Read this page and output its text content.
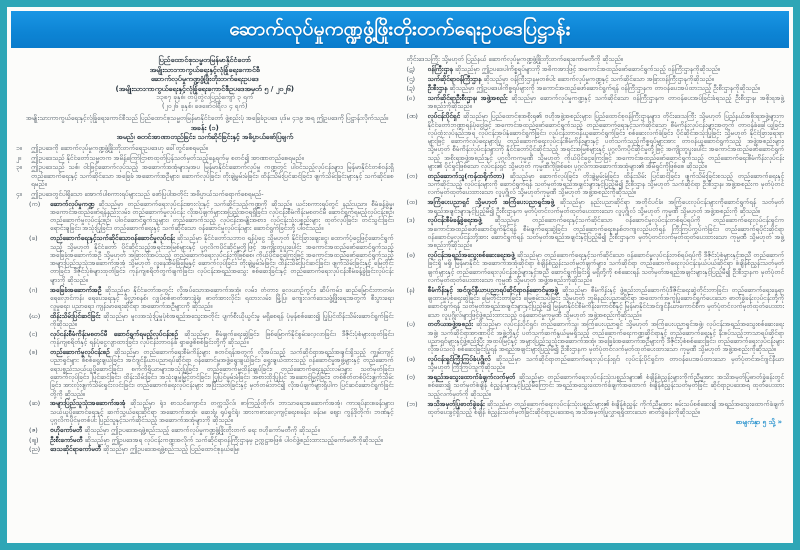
ဆောက်လုပ်မှုကဏ္ဍဖွံ့ဖြိုးတိုးတက်ရေးဥပဒေပြဋ္ဌာန်း
ပြည်ထောင်စုသမ္မတမြန်မာနိုင်ငံတော်
အမျိုးသားကာကွယ်ရေးနှင့်လုံခြုံရေးကောင်စီ
ဆောက်လုပ်မှုကဏ္ဍဖွံ့ဖြိုးတိုးတက်ရေးဥပဒေ
(အမျိုးသားကာကွယ်ရေးနှင့်လုံခြုံရေးကောင်စီဥပဒေအမှတ် ၅ / ၂၀၂၆)
၁၃၈၇ ခုနှစ်၊ တပို့တွဲလပြည့်ကျော် ၃ ရက်
(၂၀၂၆ ခုနှစ်၊ ဖေဖော်ဝါရီလ ၄ ရက်)
အမျိုးသားကာကွယ်ရေးနှင့်လုံခြုံရေးကောင်စီသည် ပြည်ထောင်စုသမ္မတမြန်မာနိုင်ငံတော် ဖွဲ့စည်းပုံ အခြေခံဥပဒေ ပုဒ်မ ၄၁၉ အရ ဤဥပဒေကို ပြဋ္ဌာန်းလိုက်သည်။
အခန်း (၁)
အမည်၊ စတင်အာဏာတည်ခြင်း၊ သက်ဆိုင်ခြင်းနှင့် အဓိပ္ပာယ်ဖော်ပြချက်
၁။	ဤဥပဒေကို ဆောက်လုပ်မှုကဏ္ဍဖွံ့ဖြိုးတိုးတက်ရေးဥပဒေဟု ခေါ်တွင်စေရမည်။
၂။	ဤဥပဒေသည် နိုင်ငံတော်သမ္မတက အမိန့်ကြော်ငြာစာထုတ်ပြန်သတ်မှတ်သည့်နေ့ရက်မှ စတင်၍ အာဏာတည်စေရမည်။
၃။	ဤဥပဒေသည် သစ်၊ ဝါးဖြင့်ဆောက်လုပ်သည့် အဆောက်အအုံများမှအပ မြန်မာနိုင်ငံဆောက်လုပ်မှု ကဏ္ဍတွင် ပါဝင်သည့်လုပ်ငန်းများ၊ မြန်မာနိုင်ငံတစ်ဝန်းရှိ တည်ဆောက်ရေးနှင့် သက်ဆိုင်သော အခြေခံ အဆောက်အဦများ၊ ဆောက်လုပ်ခြင်း၊ တိုးချဲ့မွမ်းမံခြင်း၊ ထိန်းသိမ်းပြင်ဆင်ခြင်း၊ ဖျက်သိမ်းခြင်းများနှင့် သက်ဆိုင်စေရမည်။
၄။	ဤဥပဒေတွင်ပါရှိသော အောက်ပါစကားရပ်များသည် ဖော်ပြပါအတိုင်း အဓိပ္ပာယ်သက်ရောက်စေရမည်-
(က)	ဆောက်လုပ်မှုကဏ္ဍ ဆိုသည်မှာ တည်ဆောက်ရေးလုပ်ငန်းအားလုံးနှင့် သက်ဆိုင်သည့်ကဏ္ဍကို ဆိုသည်။ ယင်းစကားရပ်တွင် နည်းပညာ၊ စီမံခန့်ခွဲမှု၊ အကောင်အထည်ဖော်ရန်နည်းလမ်း၊ တည်ဆောက်မှုလုပ်ငန်း လိုအပ်ချက်များအပြည့်အဝရရှိခြင်း၊ လုပ်ငန်းစီမံကိန်းမစတင်မီ ဆောင်ရွက်ရမည့်လုပ်ငန်းစဉ်၊ တည်ဆောက်မှုလုပ်ငန်းစဉ်၊ ပါဝင်ဆောင်ရွက်သူများ၊ တည်ဆောက်သည့် လုပ်ငန်းအမျိုးအစား၊ လုပ်ငန်းသုံးပစ္စည်းများ ထုတ်လုပ်ခြင်း၊ တင်သွင်းခြင်း၊ ရောင်းချခြင်း၊ အသုံးပြုခြင်း၊ တည်ဆောက်ရေးနှင့် သက်ဆိုင်သော ဝန်ဆောင်မှုလုပ်ငန်းများ ဆောင်ရွက်ခြင်းတို့ ပါဝင်သည်။
(ခ)	တည်ဆောက်ရေးနှင့်သက်ဆိုင်သောဝန်ဆောင်မှုလုပ်ငန်း ဆိုသည်မှာ နိုင်ငံတော်သဘာဝ ရန်ပုံငွေ သို့မဟုတ် နိုင်ငံခြားချေးငွေ၊ ထောက်ပံ့ငွေဖြင့်ဆောင်ရွက်သည့် သို့မဟုတ် နိုင်ငံတော် ပိုင်ဆိုင်သည့်အရင်းအမြစ်များနှင့် ပုဂ္ဂလိကပိုင်ဆိုင်မှုတို့ဖြင့် အကျိုးတူပူးပေါင်း အကောင်အထည်ဖော်ဆောင်ရွက်သည့် အခြေခံအဆောက်အဦ သို့မဟုတ် အခြားလိုအပ်သည့် တည်ဆောက်ရေးလုပ်ငန်းကိုဖြစ်စေ၊ ကိုယ်ပိုင်ငွေကြေးဖြင့် အကောင်အထည်ဖော်ဆောင်ရွက်သည့် အများပြည်သူသုံးအဆောက်အအုံ သို့မဟုတ် လူနေအိမ်ခြံမြေနှင့် ဆောက်လုပ်ခြင်း၊ တိုးချဲ့မွမ်းမံခြင်း၊ ထိန်းသိမ်းပြင်ဆင်ခြင်း၊ ဖျက်သိမ်းခြင်းနှင့် မြေတိုင်းတာခြင်း၊ ဒီဇိုင်းပုံစံများထုတ်ခြင်း၊ ကုန်ကျစရိတ်တွက်ချက်ခြင်း၊ လုပ်ငန်းအရည်အသွေး စစ်ဆေးခြင်းနှင့် တည်ဆောက်ရေးလုပ်ငန်းစီမံခန့်ခွဲခြင်းလုပ်ငန်းများကို ဆိုသည်။
(ဂ)	အခြေခံအဆောက်အဦ ဆိုသည်မှာ နိုင်ငံတော်အတွင်း လိုအပ်သောအဆောက်အအုံ၊ လမ်း၊ တံတား၊ လေယာဉ်ကွင်း၊ ဆိပ်ကမ်း၊ ဆည်မြောင်းတာတမံ၊ ရေလှောင်ကန်၊ ရေပေးရေးနှင့် မိလ္လာစနစ်၊ လျှပ်စစ်ဓာတ်အားခွဲရုံ၊ ဓာတ်အားလိုင်း၊ ရထားလမ်း၊ မြို့ပြ၊ ကျေးလက်ဒေသဖွံ့ဖြိုးရေးအတွက် စီးပွားရေး၊ လူမှုရေး၊ ပညာရေး၊ ကျန်းမာရေးဆိုင်ရာ အဆောက်အဦများကို ဆိုသည်။
(ဃ)	ထိန်းသိမ်းပြင်ဆင်ခြင်း ဆိုသည်မှာ မူလအသုံးပြုမှုပုံစံအရည်အသွေးအတိုင်း ပျက်စီးယိုယွင်းမှု မရှိစေရန် ပုံမှန်စစ်ဆေး၍ ပြုပြင်ထိန်းသိမ်းဆောင်ရွက်ခြင်းကိုဆိုသည်။
(င)	လုပ်ငန်းစီမံကိန်းမစတင်မီ ဆောင်ရွက်ရမည့်လုပ်ငန်းစဉ် ဆိုသည်မှာ စီမံချက်ရေးဆွဲခြင်း၊ ဖြစ်မြောက်နိုင်စွမ်းလေ့လာခြင်း၊ ဒီဇိုင်းပုံစံများထုတ်ခြင်း၊ ကုန်ကျစရိတ်နှင့် ရန်ပုံငွေလျာထားခြင်း၊ လုပ်ငန်းတာဝန်ခံ ရှာဖွေစိစစ်ခြင်းတို့ကို ဆိုသည်။
(စ)	တည်ဆောက်မှုလုပ်ငန်းစဉ် ဆိုသည်မှာ တည်ဆောက်ရေးစီမံကိန်းများ စတင်ရန်အတွက် လိုအပ်သည့် သက်ဆိုင်ရာအရည်အချင်းရှိသည့် ကျွမ်းကျင်ပညာရှင်များ စိစစ်ရွေးချယ်ခြင်း၊ အင်ဂျင်နီယာပညာရပ်ဆိုင်ရာ ဝန်ဆောင်မှုအဖွဲ့ရွေးချယ်ခြင်း၊ ရွေးချယ်ထားသည့် ဝန်ဆောင်မှုအဖွဲ့များနှင့် တည်ဆောက်ရေးပစ္စည်းသယ်ယူပို့ဆောင်ခြင်း၊ စက်ကိရိယာများအသုံးပြုခြင်း၊ တည်ဆောက်မှုထိန်းချုပ်ခြင်း၊ တည်ဆောက်ရေးနည်းလမ်းများ သတ်မှတ်ခြင်း၊ ဆောက်လုပ်ခြင်း၊ ပြင်ဆင်ခြင်း၊ ထိန်းသိမ်းခြင်း၊ အသုံးချမှုမြှင့်တင်ခြင်း၊ ပြုပြင်မွမ်းမံခြင်း၊ အစားထိုးပြုပြင် အဆောင့်မြှင့်ခြင်း၊ တစ်စိတ်တစ်ပိုင်းဖျက်သိမ်းခြင်း၊ အားလုံးဖျက်သိမ်းရှင်းလင်းခြင်း၊ တည်ဆောက်ရေးလုပ်ငန်းများ အပြီးသတ်ခြင်းနှင့် မှတ်တမ်းတင်၍ လိုအပ်ချက်များရှိပါက ပြင်ဆင်ဆောင်ရွက်ခြင်းတို့ကို ဆိုသည်။
(ဆ)	အများပြည်သူသုံးအဆောက်အအုံ ဆိုသည်မှာ ရုံး၊ စာသင်ကျောင်း၊ တက္ကသိုလ်၊ စာကြည့်တိုက်၊ ဘာသာရေးအဆောက်အအုံ၊ ကားရပ်နားစခန်းများ၊ သယ်ယူပို့ဆောင်ရေးနှင့် ဆက်သွယ်ရေးဆိုင်ရာ အဆောက်အအုံ၊ ဆေးရုံ၊ ရုပ်ရှင်ရုံ၊ အားကစားလေ့ကျင့်ရေးစခန်း၊ ခန်းမ၊ ဈေး၊ ကွန်ဒိုတိုက်၊ ဘဏ်နှင့် ပုဂ္ဂလိကပိုင်မှတစ်ပါး ပြည်သူနှင့်သက်ဆိုင်သည့် အဆောက်အအုံများကို ဆိုသည်။
(ဇ)	ဗဟိုကော်မတီ ဆိုသည်မှာ ဤဥပဒေအရဖွဲ့စည်းသည့် ဆောက်လုပ်မှုကဏ္ဍဖွံ့ဖြိုးတိုးတက် ရေး ဗဟိုကော်မတီကို ဆိုသည်။
(ဈ)	ဦးစီးကော်မတီ ဆိုသည်မှာ ဤဥပဒေအရ လုပ်ငန်းကဏ္ဍအလိုက် သက်ဆိုင်ရာဝန်ကြီးဌာနမှ ဥက္ကဋ္ဌအဖြစ် ပါဝင်ဖွဲ့စည်းထားသည့်ကော်မတီကိုဆိုသည်။
(ည)	ဒေသဆိုင်ရာကော်မတီ ဆိုသည်မှာ ဤဥပဒေအရဖွဲ့စည်းသည့် ပြည်ထောင်စုနယ်မြေ၊
တိုင်းဒေသကြီး သို့မဟုတ် ပြည်နယ် ဆောက်လုပ်မှုကဏ္ဍဖွံ့ဖြိုးတိုးတက်ရေးကော်မတီကို ဆိုသည်။
(ဋ)	ဝန်ကြီးဌာန ဆိုသည်မှာ ဤဥပဒေပါကိစ္စရပ်များကို အဓိကအားဖြင့် အကောင်အထည်ဖော်ဆောင်ရွက်သည့် ဝန်ကြီးဌာနကိုဆိုသည်။
(ဌ)	သက်ဆိုင်ရာဝန်ကြီးဌာန ဆိုသည်မှာ ဝန်ကြီးဌာနမှတစ်ပါး ဆောက်လုပ်မှုကဏ္ဍနှင့် သက်ဆိုင်သော အခြားဝန်ကြီးဌာနကိုဆိုသည်။
(ဍ)	ဦးစီးဌာန ဆိုသည်မှာ ဤဥပဒေပါကိစ္စရပ်များကို အကောင်အထည်ဖော်ဆောင်ရွက်ရန် ဝန်ကြီးဌာနက တာဝန်ပေးအပ်ထားသည့် ဦးစီးဌာနကိုဆိုသည်။
(ဎ)	သက်ဆိုင်ရာဦးစီးဌာန၊ အဖွဲ့အစည်း ဆိုသည်မှာ ဆောက်လုပ်မှုကဏ္ဍနှင့် သက်ဆိုင်သော ဝန်ကြီးဌာနက တာဝန်ပေးအပ်ခြင်းခံရသည့် ဦးစီးဌာန၊ အစိုးရအဖွဲ့အစည်းကိုဆိုသည်။
(ဏ)	လုပ်ငန်းပိုင်ရှင် ဆိုသည်မှာ ပြည်ထောင်စုအစိုးရ၏ ဗဟိုအဖွဲ့အစည်းများ၊ ပြည်ထောင်စုဝန်ကြီးဌာနများ၊ တိုင်းဒေသကြီး သို့မဟုတ် ပြည်နယ်အစိုးရအဖွဲ့များက နိုင်ငံတော်ဘဏ္ဍာရန်ပုံငွေဖြင့် အကောင်အထည်ဖော်ဆောင်ရွက်သည့် တည်ဆောက်ရေးနှင့်သက်ဆိုင်သော စီမံကိန်းလုပ်ငန်းများအတွက် တာဝန်ခံခေါ်ယူခြင်း၊ လုပ်ထုံးလုပ်နည်းအရ လုပ်ငန်းအပ်နှံဆောင်ရွက်ခြင်း၊ လုပ်ငန်းတာဝန်ယူဆောင်ရွက်ခြင်း၊ စစ်ဆေးလက်ခံခြင်း၊ ပိုင်ဆိုင်အသုံးပြုခြင်း သို့မဟုတ် နိုင်ငံခြားရေးရာများဖြင့် ဆောက်လုပ်ရေးများပြု တည်ဆောက်ရေးလုပ်ငန်းစီမံကိန်းများနှင့် ပတ်သက်သည့်ကိစ္စရပ်များအား တာဝန်ယူဆောင်ရွက်သည့် အဖွဲ့အစည်းများ၊ သို့မဟုတ် စီမံကိန်းလုပ်ငန်းများကို နိုင်ငံတော်ပိုင်ဆိုင်သည့် အရင်းအမြစ်များနှင့် ပုဂ္ဂလိကပိုင်ဆိုင်မှုတို့ဖြင့် အကျိုးတူပူးပေါင်း အကောင်အထည်ဖော်ဆောင်ရွက်သည့် အစိုးရအဖွဲ့အစည်းနှင့် ပုဂ္ဂလိကကုမ္ပဏီ သို့မဟုတ် ကိုယ်ပိုင်ငွေကြေးဖြင့် အကောင်အထည်ဖော်ဆောင်ရွက်သည့် တည်ဆောက်ရေးစီမံကိန်းလုပ်ငန်းများ၏ ပိုင်ရှင်ဖြစ်သော လုပ်ငန်းရှင် သို့မဟုတ် ကုမ္ပဏီကိုဖြစ်စေ၊ ပုဂ္ဂလိကအဆောက်အအုံများ၏ အိမ်ရှင်ကိုဖြစ်စေ ဆိုသည်။
(တ)	တည်ဆောက်သူ(ကန်ထရိုက်တာ) ဆိုသည်မှာ ဆောက်လုပ်ခြင်း၊ တိုးချဲ့မွမ်းမံခြင်း၊ ထိန်းသိမ်း ပြင်ဆင်ခြင်း၊ ဖျက်သိမ်းခြင်းစသည့် တည်ဆောက်ရေးနှင့်သက်ဆိုင်သည့် လုပ်ငန်းများကို ဆောင်ရွက်ရန် သတ်မှတ်အရည်အချင်းများနှင့်ပြည့်မီ၍ ဦးစီးဌာန သို့မဟုတ် သက်ဆိုင်ရာ ဦးစီးဌာန၊ အဖွဲ့အစည်းက မှတ်ပုံတင်လက်မှတ်ထုတ်ပေးထားသော လူပုဂ္ဂိုလ် သို့မဟုတ်ကုမ္ပဏီ သို့မဟုတ် အဖွဲ့အစည်းကိုဆိုသည်။
(ထ)	အကြံပေးပညာရှင် သို့မဟုတ် အကြံပေးပညာရှင်အဖွဲ့ ဆိုသည်မှာ နည်းပညာဆိုင်ရာ အတိုင်ပင်ခံ၊ အကြံပေးလုပ်ငန်းများကိုဆောင်ရွက်ရန် သတ်မှတ်အရည်အချင်းများနှင့်ပြည့်မီ၍ ဦးစီးဌာနက မှတ်ပုံတင်လက်မှတ်ထုတ်ပေးထားသော လူပုဂ္ဂိုလ် သို့မဟုတ် ကုမ္ပဏီ သို့မဟုတ် အဖွဲ့အစည်းကို ဆိုသည်။
(ဒ)	လုပ်ငန်းစီမံခန့်ခွဲရေးအဖွဲ့ ဆိုသည်မှာ တည်ဆောက်ရေးနှင့်သက်ဆိုင်သော ဝန်ဆောင်မှုလုပ်ငန်းတစ်ရပ်ရပ်ကို တည်ဆောက်ရေးလုပ်ငန်းရှင်က အကောင်အထည်ဖော်ဆောင်ရွက်နိုင်ရန် စီမံချက်ရေးဆွဲခြင်း၊ တည်ဆောက်ရေးစနစ်တကျလည်ပတ်ရန် ကြီးကြပ်ကွပ်ကဲခြင်း၊ တည်ဆောက်ရပိုင်းဆိုင်ရာ ဝန်ဆောင်မှုလုပ်ငန်းတို့အား ဆောင်ရွက်ရန် သတ်မှတ်အရည်အချင်းနှင့်ပြည့်မီ၍ ဦးစီးဌာနက မှတ်ပုံတင်လက်မှတ်ထုတ်ပေးထားသော ကုမ္ပဏီ သို့မဟုတ် အဖွဲ့အစည်းကိုဆိုသည်။
(ဓ)	လုပ်ငန်းအရည်အသွေးစစ်ဆေးရေးအဖွဲ့ ဆိုသည်မှာ တည်ဆောက်ရေးနှင့်သက်ဆိုင်သော ဝန်ဆောင်မှုလုပ်ငန်းတစ်ရပ်ရပ်ကို ဒီဇိုင်းပုံစံများနှင့်အညီ တည်ဆောက်ခြင်းရှိ မရှိ၊ မြန်မာနိုင်ငံ အဆောက်အအုံဆိုင်ရာ စံချိန်စံညွှန်းသတ်မှတ်ချက်များ၊ သက်ဆိုင်ရာ တည်ဆောက်ရေးလုပ်ငန်းနယ်ပယ်ဆိုင်ရာ စံချိန်စံညွှန်းသတ်မှတ်ချက်များနှင့် တည်ဆောက်ရေးလုပ်ငန်းစဉ်များနှင့်အညီ ဆောင်ရွက်ခြင်းရှိ မရှိတို့ကို စစ်ဆေးရန် သတ်မှတ်အရည်အချင်းများနှင့်ပြည့်မီ၍ ဦးစီးဌာနက မှတ်ပုံတင်လက်မှတ်ထုတ်ပေးထားသော ကုမ္ပဏီ သို့မဟုတ် အဖွဲ့အစည်းကိုဆိုသည်။
(န)	စီမံကိန်းနှင့် အင်ဂျင်နီယာပညာရပ်ဆိုင်ရာဝန်ဆောင်မှုအဖွဲ့ ဆိုသည်မှာ စီမံကိန်းနှင့် ဖွဲ့စည်းတည်ဆောက်ပုံဒီဇိုင်းရေးဆွဲတိုင်းတာခြင်း၊ တည်ဆောက်ရေးနေရာချထားမှုပုံစံရေးဆွဲခြင်း၊ မြေတိုင်းတာခြင်း၊ မြေစမ်းသပ်ခြင်း သို့မဟုတ် ဘူမိနည်းပညာဆိုင်ရာ အထောက်အကူပြုဆောင်ရွက်ပေးသော ဓာတ်ခွဲခန်းလုပ်ငန်းတို့ကို ဆောင်ရွက်ရန် သတ်မှတ်အရည်အချင်းများနှင့်ပြည့်မီ၍ မြန်မာနိုင်ငံစီမံကိန်းကောင်စီနှင့် မြန်မာနိုင်ငံအင်ဂျင်နီယာကောင်စီက မှတ်ပုံတင်လက်မှတ်ထုတ်ပေးထားသော လူပုဂ္ဂိုလ်များဖြင့်ဖွဲ့စည်းထားသည့် ဝန်ဆောင်မှုကုမ္ပဏီ သို့မဟုတ် အဖွဲ့အစည်းကိုဆိုသည်။
(ပ)	တတိယအဖွဲ့အစည်း ဆိုသည်မှာ လုပ်ငန်းပိုင်ရှင်၊ တည်ဆောက်သူ၊ အကြံပေးပညာရှင် သို့မဟုတ် အကြံပေးပညာရှင်အဖွဲ့၊ လုပ်ငန်းအရည်အသွေးစစ်ဆေးရေးအဖွဲ့၊ သက်ဆိုင်ရာအာဏာပိုင် အဖွဲ့တို့နှင့် ပတ်သက်ဆက်နွယ်မှုမရှိသည့် တည်ဆောက်ရေးကဏ္ဍဆိုင်ရာနှင့် တည်ဆောက်ရေးနှင့် နီးစပ်သည့်ဘာသာရပ်ဆိုင်ရာပညာရှင်များနှင့်ဖွဲ့စည်းပြီး အထပ်မြင့်နှင့် အများပြည်သူသုံးအဆောက်အအုံ၊ အခြေခံအဆောက်အဦများကို ဒီဇိုင်းပုံစံစစ်ဆေးခြင်း၊ တည်ဆောက်ရေးလုပ်ငန်းများ လိုအပ်သလို စစ်ဆေးခြင်းပြုရန် အရည်အချင်းများပြည့်မီ၍ ဦးစီးဌာနက မှတ်ပုံတင်လက်မှတ်ထုတ်ပေးထားသော ကုမ္ပဏီ သို့မဟုတ် အဖွဲ့အစည်းကိုဆိုသည်။
(ဖ)	လုပ်ငန်းရှင်ကြီးကြပ်ခံပုဂ္ဂိုလ် ဆိုသည်မှာ သက်ဆိုင်ရာတည်ဆောက်ရေးလုပ်ငန်းရှင်၊ လုပ်ငန်းပိုင်ရှင်က တာဝန်ပေးအပ်ထားသော မှတ်ပုံတင်အင်ဂျင်နီယာ သို့မဟုတ် ကြီးကြပ်သူကိုဆိုသည်။
(ဗ)	အရည်အသွေးထောက်ခံချက်လက်မှတ် ဆိုသည်မှာ တည်ဆောက်ရေးလုပ်ငန်းသုံးပစ္စည်းများ၏ စံချိန်စံညွှန်းများကိုက်ညီမှုအား အသိအမှတ်ပြုဓာတ်ခွဲခန်းတွင် စစ်ဆေး၍ သတ်မှတ်စံချိန် စံညွှန်းများနှင့်ပြည့်မီကြောင်း အရည်အသွေးထောက်ခံချက်အထောက် စံချိန်စံညွှန်းသတ်မှတ်ခြင်း ဆိုင်ရာဥပဒေအရ ထုတ်ပေးထားသည့်လက်မှတ်ကို ဆိုသည်။
(ဘ)	အသိအမှတ်ပြုဓာတ်ခွဲခန်း ဆိုသည်မှာ တည်ဆောက်ရေးလုပ်ငန်းသုံးပစ္စည်းများ၏ စံချိန်စံညွှန်း ကိုက်ညီမှုအား စမ်းသပ်စစ်ဆေး၍ အရည်အသွေးထောက်ခံချက်ထုတ်ပေးခွင့်ရှိသည့် စံချိန် စံညွှန်းသတ်မှတ်ခြင်းဆိုင်ရာဥပဒေအရ အသိအမှတ်ပြုလွှာရရှိထားသော ဓာတ်ခွဲခန်းကိုဆိုသည်။
စာမျက်နှာ ၅ သို့ »
